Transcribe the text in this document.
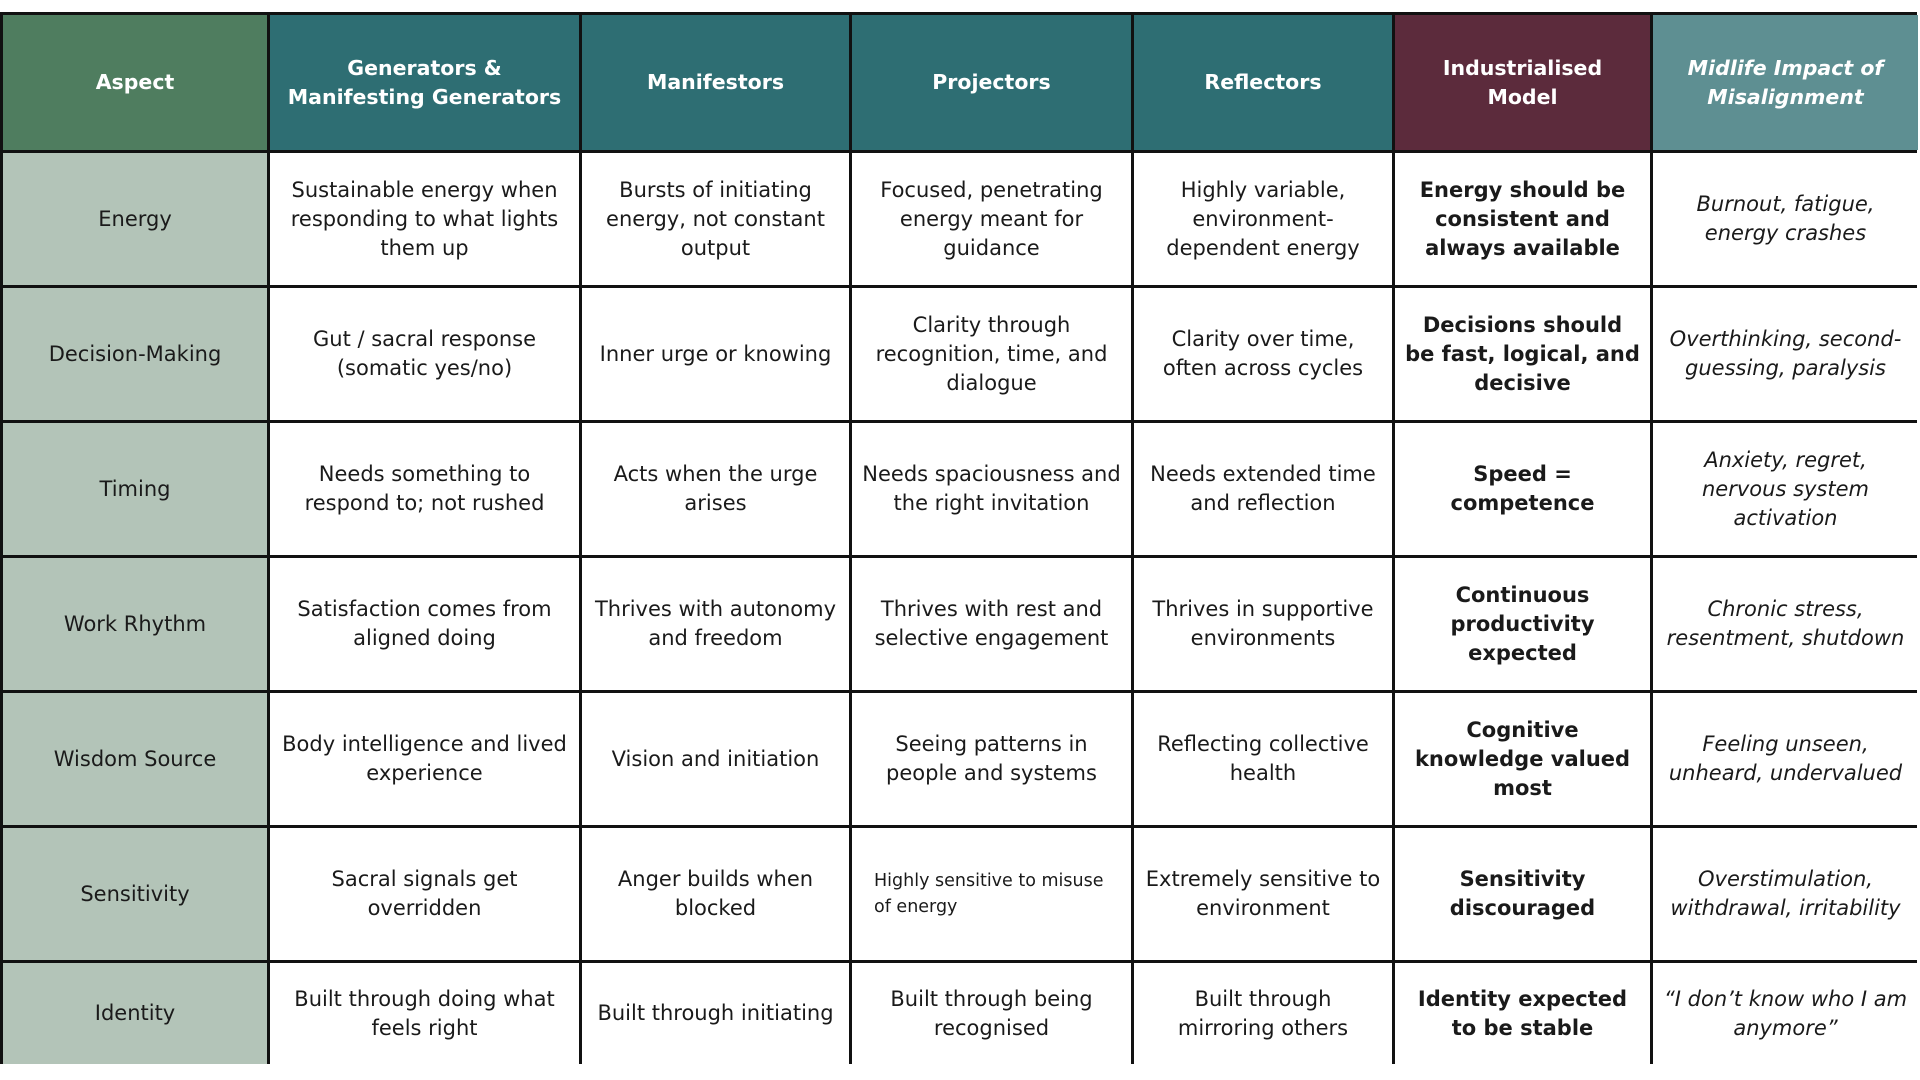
Aspect
Generators & Manifesting Generators
Manifestors	Projectors	Reflectors
Industrialised Model
Midlife Impact of Misalignment
Energy
Sustainable energy when responding to what lights them up
Bursts of initiating energy, not constant output
Focused, penetrating energy meant for guidance
Highly variable, environment-dependent energy
Energy should be consistent and always available
Burnout, fatigue, energy crashes
Decision-Making
Gut / sacral response (somatic yes/no)
Inner urge or knowing
Clarity through recognition, time, and dialogue
Clarity over time, often across cycles
Decisions should be fast, logical, and decisive
Overthinking, second-guessing, paralysis
Timing
Needs something to respond to; not rushed
Acts when the urge arises
Needs spaciousness and the right invitation
Needs extended time and reflection
Speed = competence
Anxiety, regret, nervous system activation
Work Rhythm
Satisfaction comes from aligned doing
Thrives with autonomy and freedom
Thrives with rest and selective engagement
Thrives in supportive environments
Continuous productivity expected
Chronic stress, resentment, shutdown
Wisdom Source
Body intelligence and lived experience
Vision and initiation
Seeing patterns in people and systems
Reflecting collective health
Cognitive knowledge valued most
Feeling unseen, unheard, undervalued
Sensitivity
Sacral signals get overridden
Anger builds when blocked
Highly sensitive to misuse of energy
Extremely sensitive to environment
Sensitivity discouraged
Overstimulation, withdrawal, irritability
Identity
Built through doing what feels right
Built through initiating
Built through being recognised
Built through mirroring others
Identity expected to be stable
“I don’t know who I am anymore”
